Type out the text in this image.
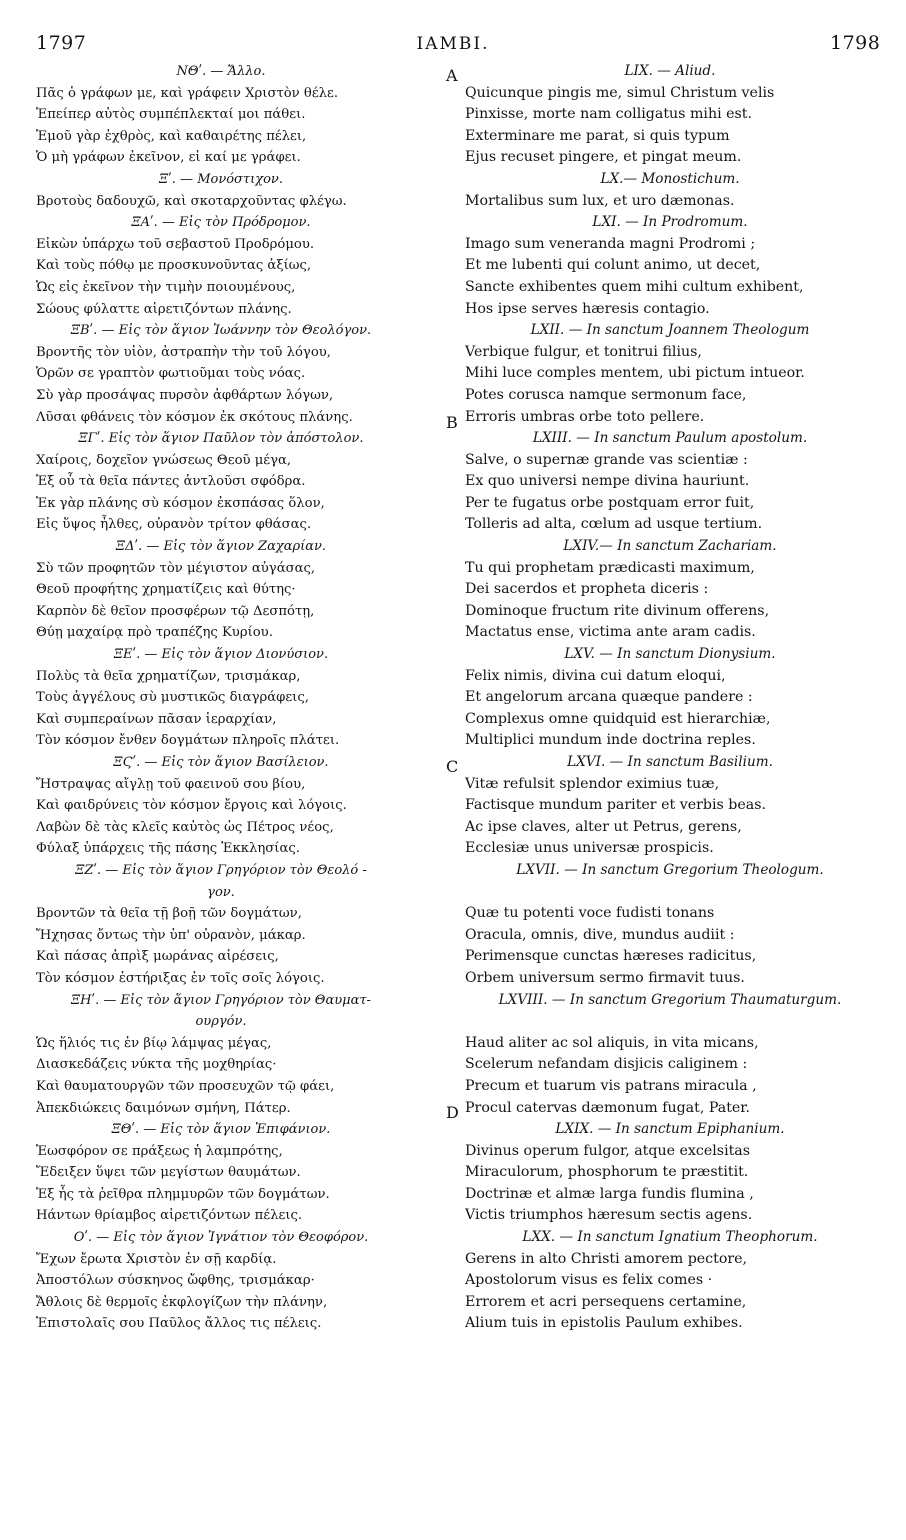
1797	IAMBI.	1798
ΝΘʹ. — Ἄλλο.
Πᾶς ὁ γράφων με, καὶ γράφειν Χριστὸν θέλε.
Ἐπείπερ αὐτὸς συμπέπλεκταί μοι πάθει.
Ἐμοῦ γὰρ ἐχθρὸς, καὶ καθαιρέτης πέλει,
Ὁ μὴ γράφων ἐκεῖνον, εἰ καί με γράφει.
Ξʹ. — Μονόστιχον.
Βροτοὺς δαδουχῶ, καὶ σκοταρχοῦντας φλέγω.
ΞΑʹ. — Εἰς τὸν Πρόδρομον.
Εἰκὼν ὑπάρχω τοῦ σεβαστοῦ Προδρόμου.
Καὶ τοὺς πόθῳ με προσκυνοῦντας ἀξίως,
Ὡς εἰς ἐκεῖνον τὴν τιμὴν ποιουμένους,
Σώους φύλαττε αἱρετιζόντων πλάνης.
ΞΒʹ. — Εἰς τὸν ἅγιον Ἰωάννην τὸν Θεολόγον.
Βροντῆς τὸν υἱὸν, ἀστραπὴν τὴν τοῦ λόγου,
Ὁρῶν σε γραπτὸν φωτιοῦμαι τοὺς νόας.
Σὺ γὰρ προσάψας πυρσὸν ἀφθάρτων λόγων,
Λῦσαι φθάνεις τὸν κόσμον ἐκ σκότους πλάνης.
ΞΓʹ. Εἰς τὸν ἅγιον Παῦλον τὸν ἀπόστολον.
Χαίροις, δοχεῖον γνώσεως Θεοῦ μέγα,
Ἐξ οὗ τὰ θεῖα πάντες ἀντλοῦσι σφόδρα.
Ἐκ γὰρ πλάνης σὺ κόσμον ἐκσπάσας ὅλον,
Εἰς ὕψος ἦλθες, οὐρανὸν τρίτον φθάσας.
ΞΔʹ. — Εἰς τὸν ἅγιον Ζαχαρίαν.
Σὺ τῶν προφητῶν τὸν μέγιστον αὐγάσας,
Θεοῦ προφήτης χρηματίζεις καὶ θύτης·
Καρπὸν δὲ θεῖον προσφέρων τῷ Δεσπότῃ,
Θύῃ μαχαίρᾳ πρὸ τραπέζης Κυρίου.
ΞΕʹ. — Εἰς τὸν ἅγιον Διονύσιον.
Πολὺς τὰ θεῖα χρηματίζων, τρισμάκαρ,
Τοὺς ἀγγέλους σὺ μυστικῶς διαγράφεις,
Καὶ συμπεραίνων πᾶσαν ἱεραρχίαν,
Τὸν κόσμον ἔνθεν δογμάτων πληροῖς πλάτει.
ΞϚʹ. — Εἰς τὸν ἅγιον Βασίλειον.
Ἤστραψας αἴγλῃ τοῦ φαεινοῦ σου βίου,
Καὶ φαιδρύνεις τὸν κόσμον ἔργοις καὶ λόγοις.
Λαβὼν δὲ τὰς κλεῖς καὐτὸς ὡς Πέτρος νέος,
Φύλαξ ὑπάρχεις τῆς πάσης Ἐκκλησίας.
ΞΖʹ. — Εἰς τὸν ἅγιον Γρηγόριον τὸν Θεολό -
γον.
Βροντῶν τὰ θεῖα τῇ βοῇ τῶν δογμάτων,
Ἤχησας ὄντως τὴν ὑπ' οὐρανὸν, μάκαρ.
Καὶ πάσας ἀπρὶξ μωράνας αἱρέσεις,
Τὸν κόσμον ἐστήριξας ἐν τοῖς σοῖς λόγοις.
ΞΗʹ. — Εἰς τὸν ἅγιον Γρηγόριον τὸν Θαυματ-
ουργόν.
Ὡς ἥλιός τις ἐν βίῳ λάμψας μέγας,
Διασκεδάζεις νύκτα τῆς μοχθηρίας·
Καὶ θαυματουργῶν τῶν προσευχῶν τῷ φάει,
Ἀπεκδιώκεις δαιμόνων σμήνη, Πάτερ.
ΞΘʹ. — Εἰς τὸν ἅγιον Ἐπιφάνιον.
Ἑωσφόρον σε πράξεως ἡ λαμπρότης,
Ἔδειξεν ὕψει τῶν μεγίστων θαυμάτων.
Ἐξ ἧς τὰ ῥεῖθρα πλημμυρῶν τῶν δογμάτων.
Ηάντων θρίαμβος αἱρετιζόντων πέλεις.
Οʹ. — Εἰς τὸν ἅγιον Ἰγνάτιον τὸν Θεοφόρον.
Ἔχων ἔρωτα Χριστὸν ἐν σῇ καρδίᾳ.
Ἀποστόλων σύσκηνος ὤφθης, τρισμάκαρ·
Ἄθλοις δὲ θερμοῖς ἐκφλογίζων τὴν πλάνην,
Ἐπιστολαῖς σου Παῦλος ἄλλος τις πέλεις.
LIX. — Aliud.
Quicunque pingis me, simul Christum velis
Pinxisse, morte nam colligatus mihi est.
Exterminare me parat, si quis typum
Ejus recuset pingere, et pingat meum.
LX.— Monostichum.
Mortalibus sum lux, et uro dæmonas.
LXI. — In Prodromum.
Imago sum veneranda magni Prodromi ;
Et me lubenti qui colunt animo, ut decet,
Sancte exhibentes quem mihi cultum exhibent,
Hos ipse serves hæresis contagio.
LXII. — In sanctum Joannem Theologum
Verbique fulgur, et tonitrui filius,
Mihi luce comples mentem, ubi pictum intueor.
Potes corusca namque sermonum face,
Erroris umbras orbe toto pellere.
LXIII. — In sanctum Paulum apostolum.
Salve, o supernæ grande vas scientiæ :
Ex quo universi nempe divina hauriunt.
Per te fugatus orbe postquam error fuit,
Tolleris ad alta, cœlum ad usque tertium.
LXIV.— In sanctum Zachariam.
Tu qui prophetam prædicasti maximum,
Dei sacerdos et propheta diceris :
Dominoque fructum rite divinum offerens,
Mactatus ense, victima ante aram cadis.
LXV. — In sanctum Dionysium.
Felix nimis, divina cui datum eloqui,
Et angelorum arcana quæque pandere :
Complexus omne quidquid est hierarchiæ,
Multiplici mundum inde doctrina reples.
LXVI. — In sanctum Basilium.
Vitæ refulsit splendor eximius tuæ,
Factisque mundum pariter et verbis beas.
Ac ipse claves, alter ut Petrus, gerens,
Ecclesiæ unus universæ prospicis.
LXVII. — In sanctum Gregorium Theologum.
Quæ tu potenti voce fudisti tonans
Oracula, omnis, dive, mundus audiit :
Perimensque cunctas hæreses radicitus,
Orbem universum sermo firmavit tuus.
LXVIII. — In sanctum Gregorium Thaumaturgum.
Haud aliter ac sol aliquis, in vita micans,
Scelerum nefandam disjicis caliginem :
Precum et tuarum vis patrans miracula ,
Procul catervas dæmonum fugat, Pater.
LXIX. — In sanctum Epiphanium.
Divinus operum fulgor, atque excelsitas
Miraculorum, phosphorum te præstitit.
Doctrinæ et almæ larga fundis flumina ,
Victis triumphos hæresum sectis agens.
LXX. — In sanctum Ignatium Theophorum.
Gerens in alto Christi amorem pectore,
Apostolorum visus es felix comes ·
Errorem et acri persequens certamine,
Alium tuis in epistolis Paulum exhibes.
A
B
C
D
